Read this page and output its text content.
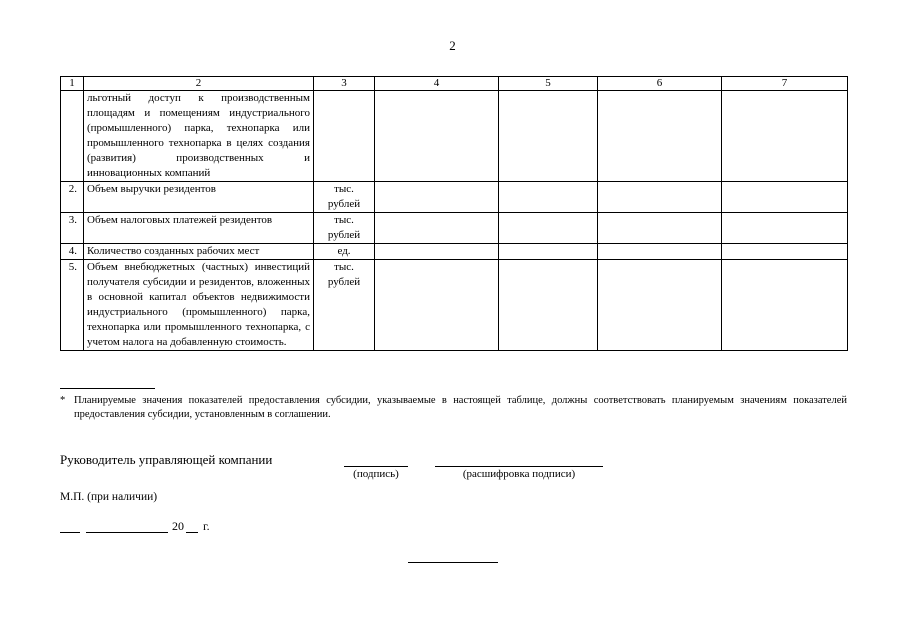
2
1	2	3	4	5	6	7
	льготный доступ к производственным площадям и помещениям индустриального (промышленного) парка, технопарка или промышленного технопарка в целях создания (развития) производственных и инновационных компаний					
2.	Объем выручки резидентов	тыс. рублей				
3.	Объем налоговых платежей резидентов	тыс. рублей				
4.	Количество созданных рабочих мест	ед.				
5.	Объем внебюджетных (частных) инвестиций получателя субсидии и резидентов, вложенных в основной капитал объектов недвижимости индустриального (промышленного) парка, технопарка или промышленного технопарка, с учетом налога на добавленную стоимость.	тыс. рублей				
* Планируемые значения показателей предоставления субсидии, указываемые в настоящей таблице, должны соответствовать планируемым значениям показателей предоставления субсидии, установленным в соглашении.
Руководитель управляющей компании
(подпись)	(расшифровка подписи)
М.П. (при наличии)
20 г.
